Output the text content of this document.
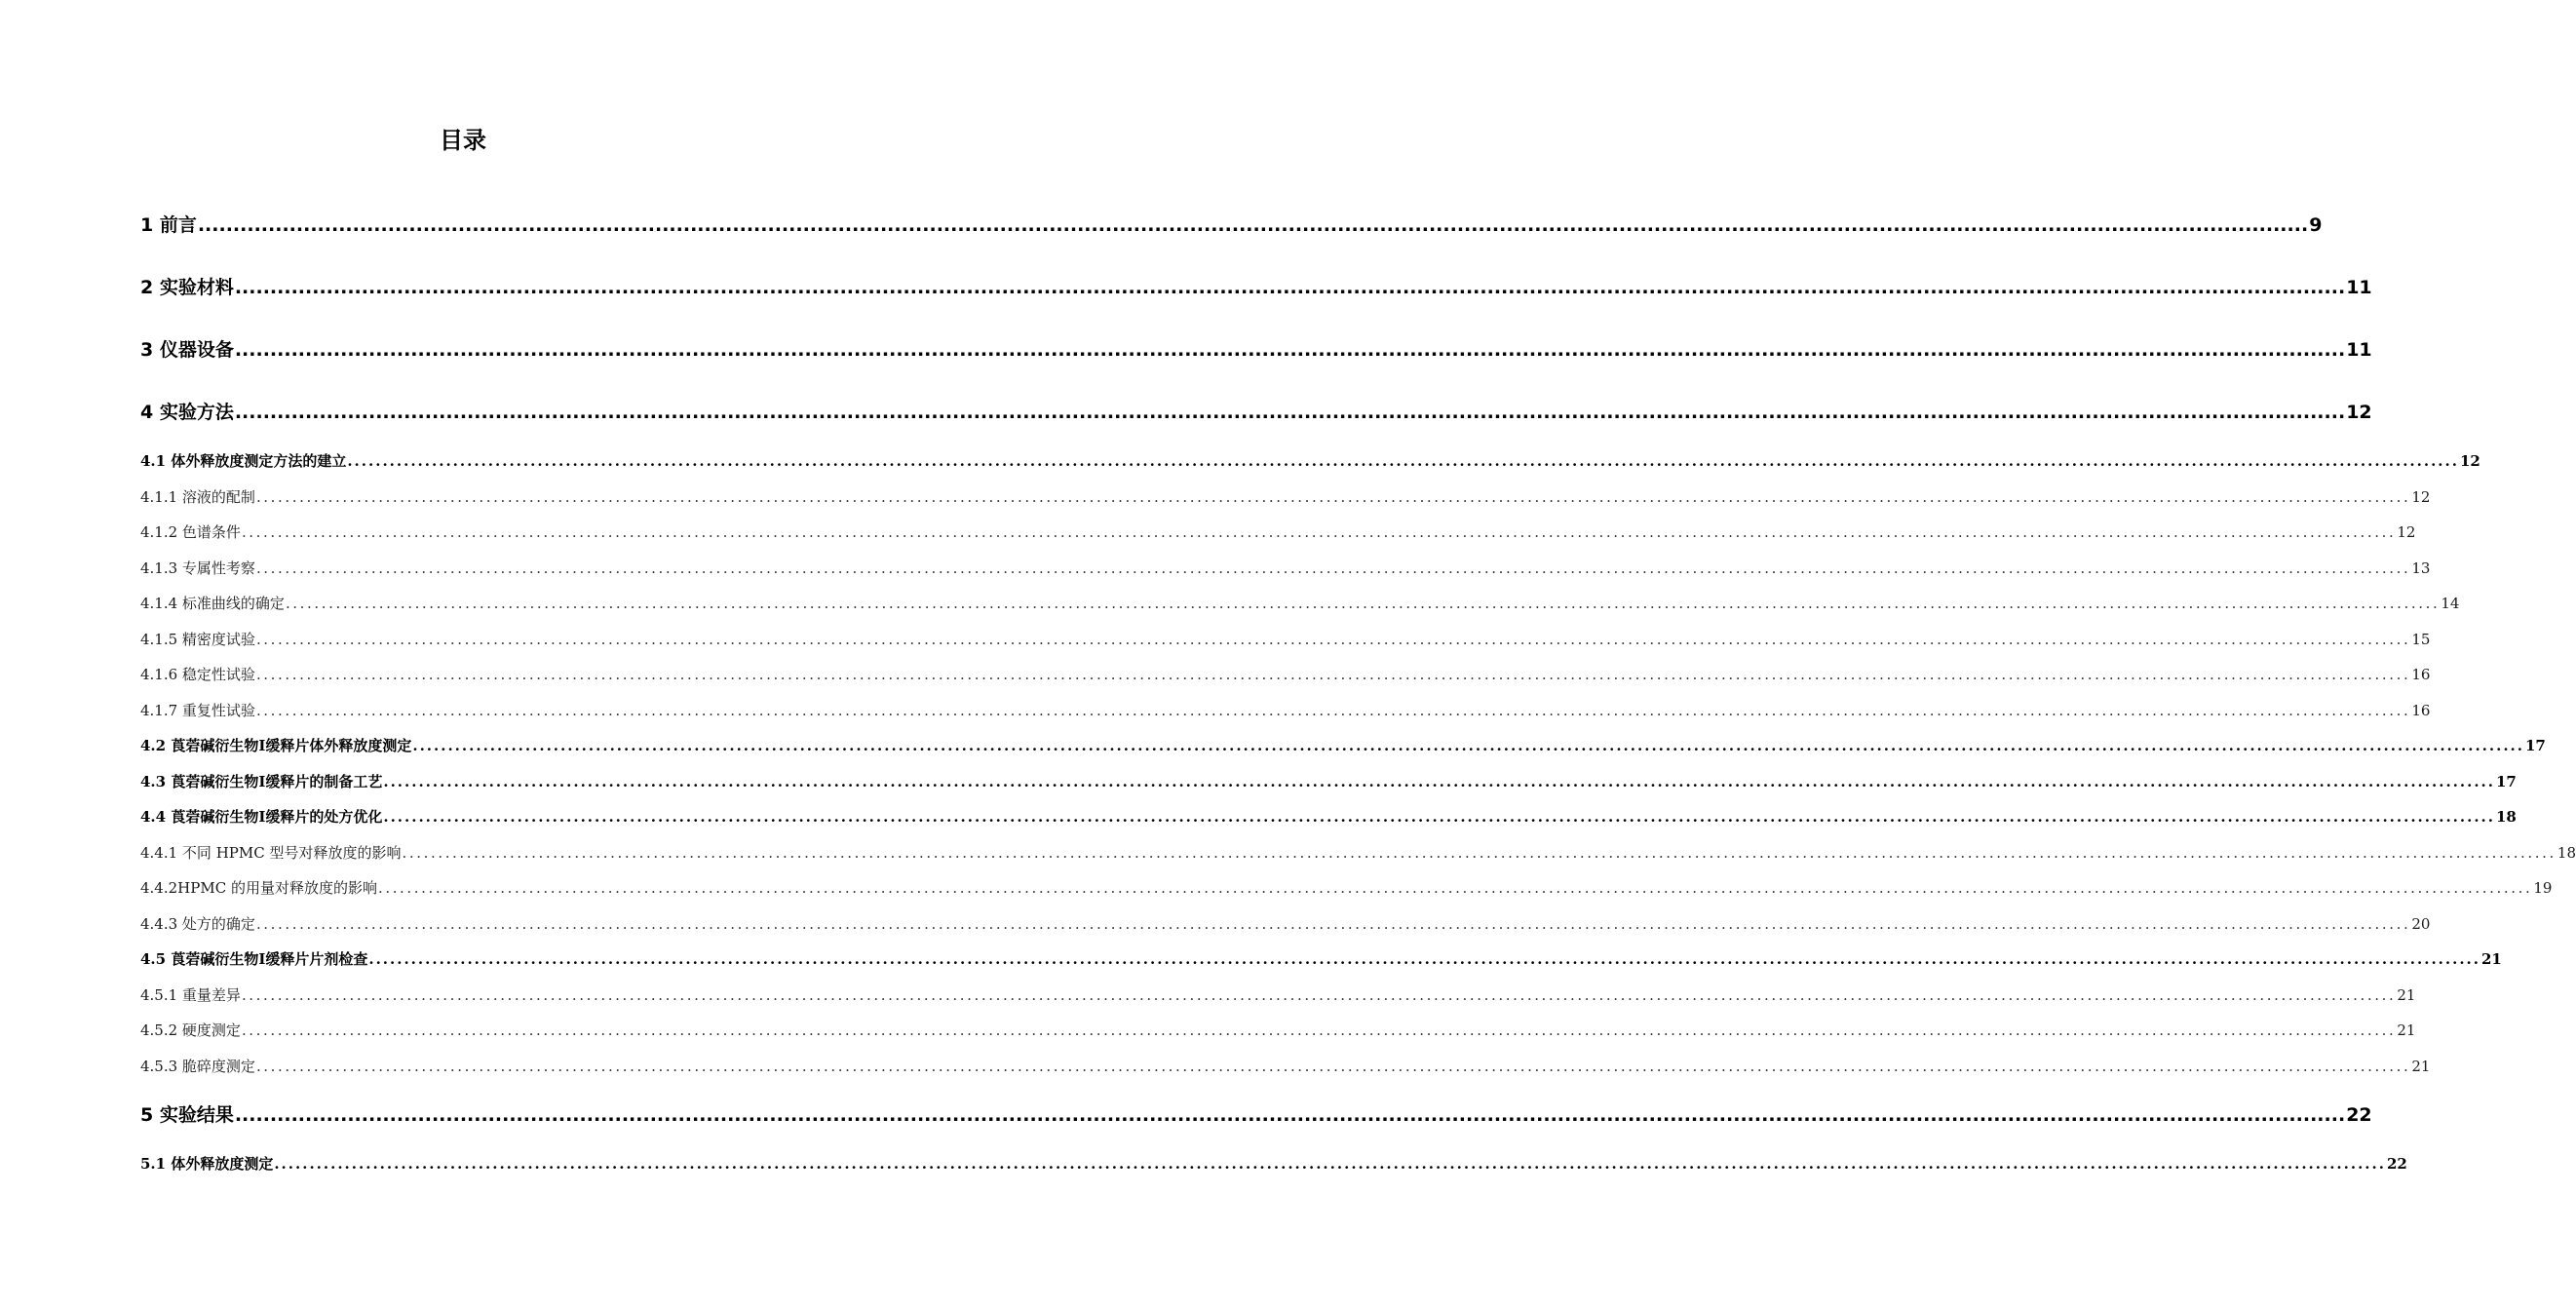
目录
1 前言 ............................................................................................................................................................................................................................................................................................................ 9
2 实验材料 ............................................................................................................................................................................................................................................................................................................ 11
3 仪器设备 ............................................................................................................................................................................................................................................................................................................ 11
4 实验方法 ............................................................................................................................................................................................................................................................................................................ 12
4.1 体外释放度测定方法的建立 ............................................................................................................................................................................................................................................................................................................ 12
4.1.1 溶液的配制 ............................................................................................................................................................................................................................................................................................................ 12
4.1.2 色谱条件 ............................................................................................................................................................................................................................................................................................................ 12
4.1.3 专属性考察 ............................................................................................................................................................................................................................................................................................................ 13
4.1.4 标准曲线的确定 ............................................................................................................................................................................................................................................................................................................ 14
4.1.5 精密度试验 ............................................................................................................................................................................................................................................................................................................ 15
4.1.6 稳定性试验 ............................................................................................................................................................................................................................................................................................................ 16
4.1.7 重复性试验 ............................................................................................................................................................................................................................................................................................................ 16
4.2 莨菪碱衍生物Ⅰ缓释片体外释放度测定 ............................................................................................................................................................................................................................................................................................................ 17
4.3 莨菪碱衍生物Ⅰ缓释片的制备工艺 ............................................................................................................................................................................................................................................................................................................ 17
4.4 莨菪碱衍生物Ⅰ缓释片的处方优化 ............................................................................................................................................................................................................................................................................................................ 18
4.4.1 不同 HPMC 型号对释放度的影响 ............................................................................................................................................................................................................................................................................................................ 18
4.4.2HPMC 的用量对释放度的影响 ............................................................................................................................................................................................................................................................................................................ 19
4.4.3 处方的确定 ............................................................................................................................................................................................................................................................................................................ 20
4.5 莨菪碱衍生物Ⅰ缓释片片剂检查 ............................................................................................................................................................................................................................................................................................................ 21
4.5.1 重量差异 ............................................................................................................................................................................................................................................................................................................ 21
4.5.2 硬度测定 ............................................................................................................................................................................................................................................................................................................ 21
4.5.3 脆碎度测定 ............................................................................................................................................................................................................................................................................................................ 21
5 实验结果 ............................................................................................................................................................................................................................................................................................................ 22
5.1 体外释放度测定 ............................................................................................................................................................................................................................................................................................................ 22
